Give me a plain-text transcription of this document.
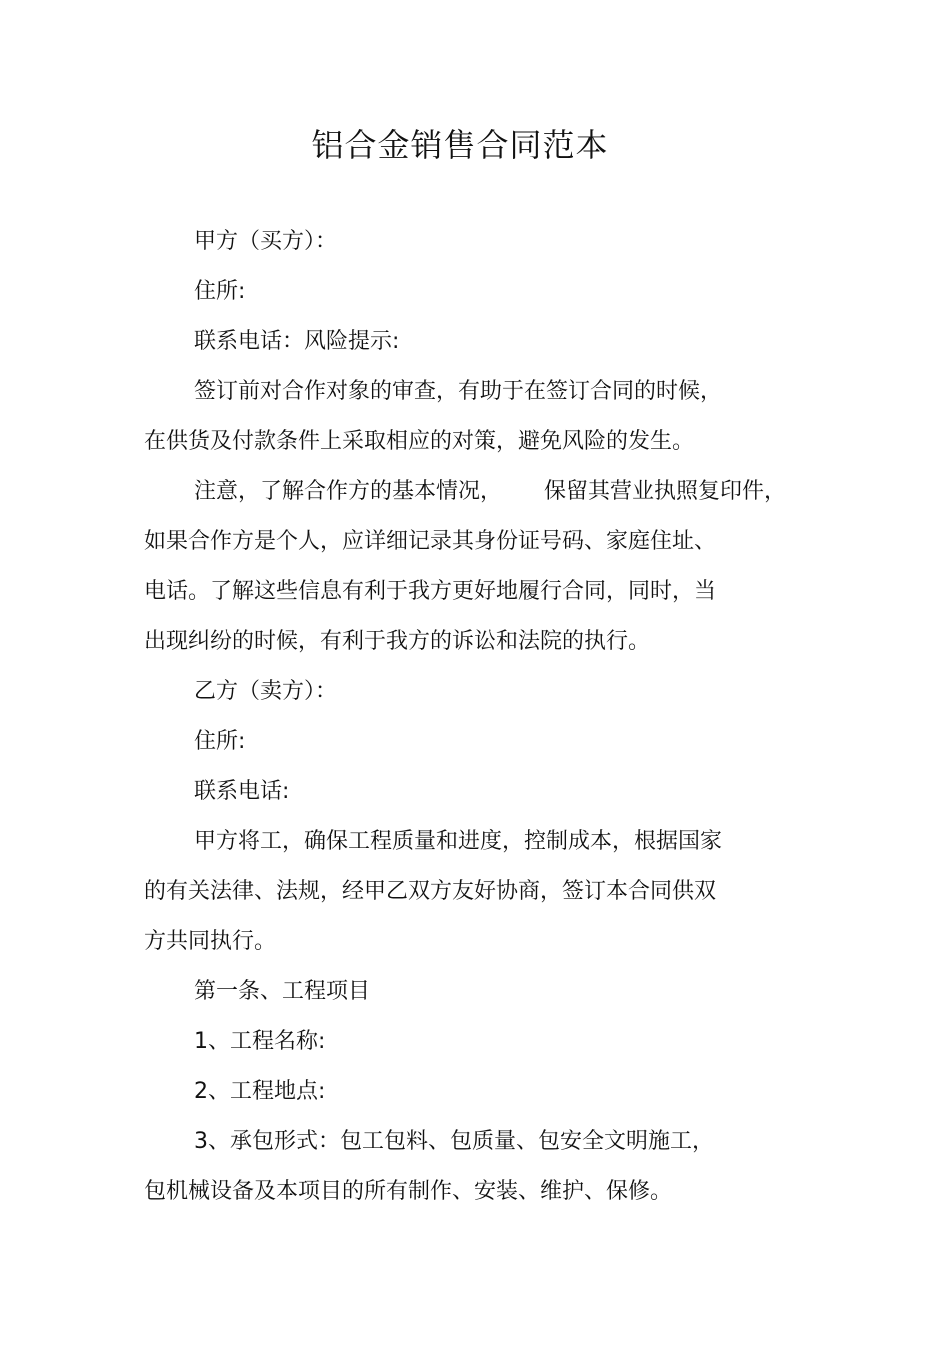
铝合金销售合同范本
甲方（买方）：
住所:
联系电话：风险提示:
签订前对合作对象的审查，有助于在签订合同的时候，
在供货及付款条件上采取相应的对策，避免风险的发生。
注意，了解合作方的基本情况，      保留其营业执照复印件，
如果合作方是个人，应详细记录其身份证号码、家庭住址、
电话。了解这些信息有利于我方更好地履行合同，同时，当
出现纠纷的时候，有利于我方的诉讼和法院的执行。
乙方（卖方）：
住所:
联系电话:
甲方将工，确保工程质量和进度，控制成本，根据国家
的有关法律、法规，经甲乙双方友好协商，签订本合同供双
方共同执行。
第一条、工程项目
1、工程名称:
2、工程地点:
3、承包形式：包工包料、包质量、包安全文明施工，
包机械设备及本项目的所有制作、安装、维护、保修。
